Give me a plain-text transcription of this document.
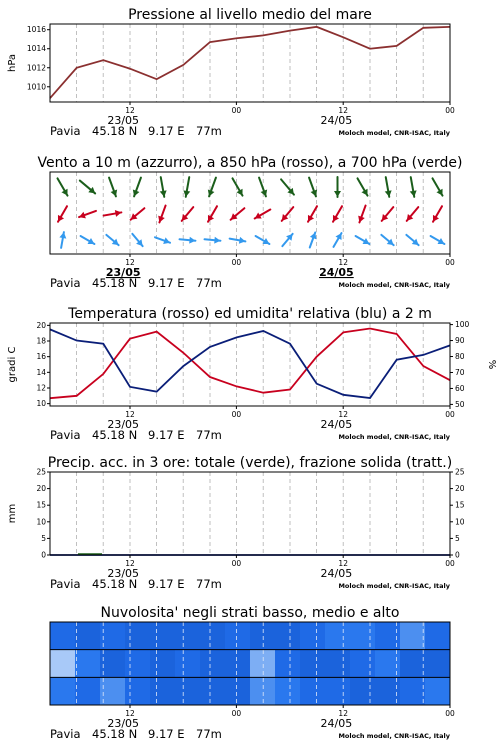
Pressione al livello medio del mare
1010
1012
1014
1016
hPa
12	00	12	00
23/05	24/05
Pavia 45.18 N 9.17 E 77m	Moloch model, CNR-ISAC, Italy
Vento a 10 m (azzurro), a 850 hPa (rosso), a 700 hPa (verde)
12	00	12	00
23/05	24/05
Pavia 45.18 N 9.17 E 77m	Moloch model, CNR-ISAC, Italy
Temperatura (rosso) ed umidita' relativa (blu) a 2 m
10
12
14
16
18
20
50
60
70
80
90
100
gradi C	%
12	00	12	00
23/05	24/05
Pavia 45.18 N 9.17 E 77m	Moloch model, CNR-ISAC, Italy
Precip. acc. in 3 ore: totale (verde), frazione solida (tratt.)
0	0
5	5
10	10
15	15
20	20
25	25
mm
12	00	12	00
23/05	24/05
Pavia 45.18 N 9.17 E 77m	Moloch model, CNR-ISAC, Italy
Nuvolosita' negli strati basso, medio e alto
12	00	12	00
23/05	24/05
Pavia 45.18 N 9.17 E 77m	Moloch model, CNR-ISAC, Italy
